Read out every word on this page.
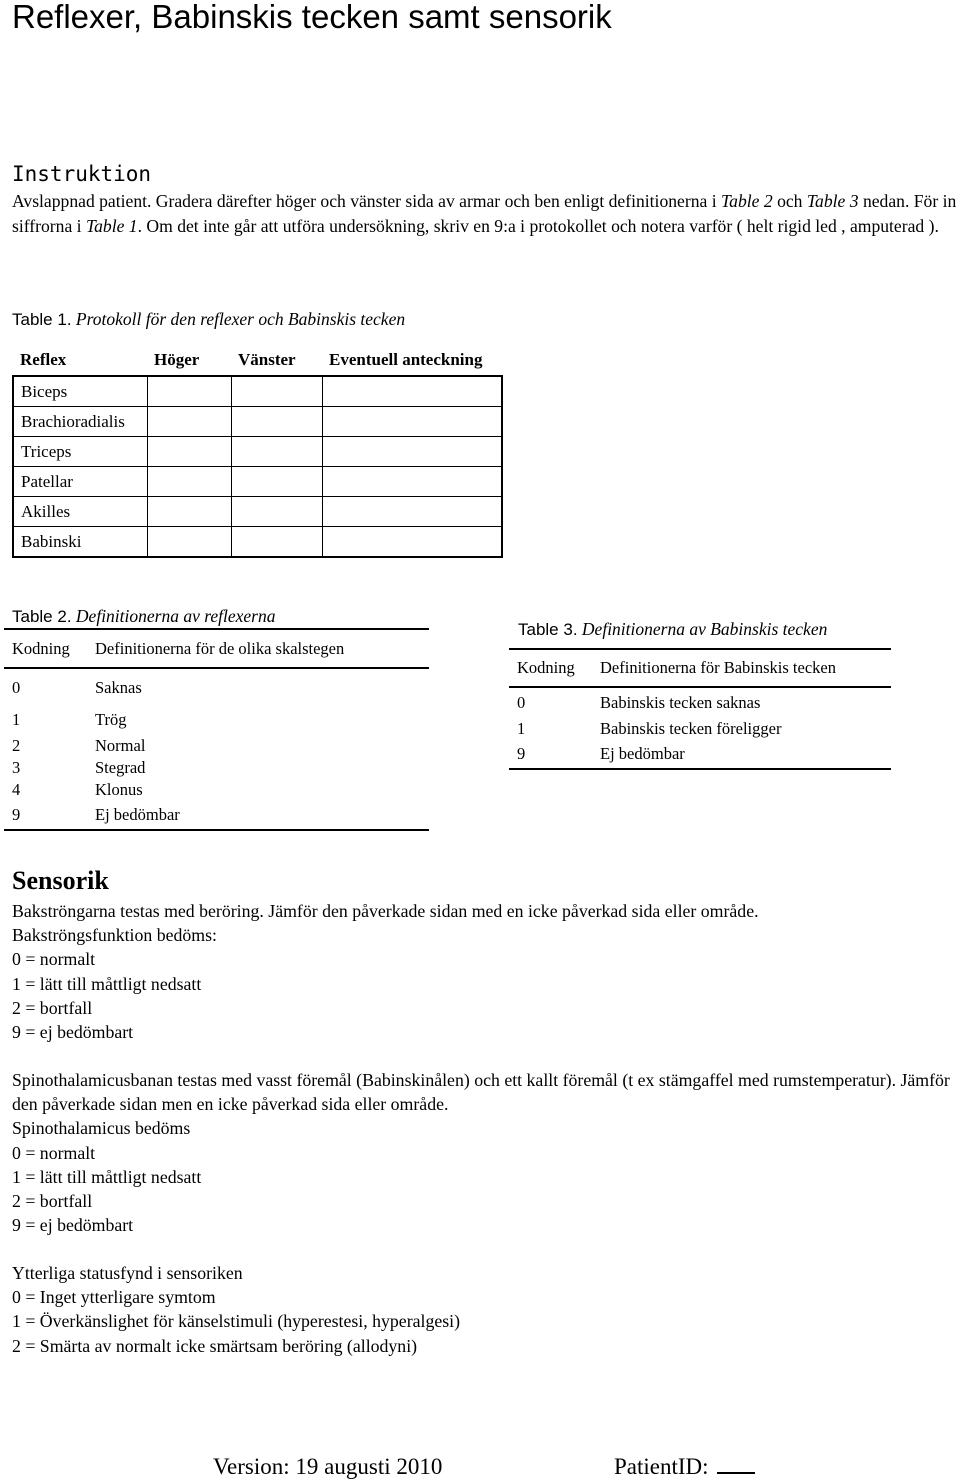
Reflexer, Babinskis tecken samt sensorik
Instruktion

Avslappnad patient. Gradera därefter höger och vänster sida av armar och ben enligt definitionerna i Table 2 och Table 3 nedan. För in siffrorna i Table 1. Om det inte går att utföra undersökning, skriv en 9:a i protokollet och notera varför ( helt rigid led , amputerad ).

Table 1. Protokoll för den reflexer och Babinskis tecken
Reflex	Höger	Vänster	Eventuell anteckning
Biceps			
Brachioradialis			
Triceps			
Patellar			
Akilles			
Babinski			
Table 2. Definitionerna av reflexerna
Kodning	Definitionerna för de olika skalstegen
0	Saknas
1	Trög
2	Normal
3	Stegrad
4	Klonus
9	Ej bedömbar
Table 3. Definitionerna av Babinskis tecken
Kodning	Definitionerna för Babinskis tecken
0	Babinskis tecken saknas
1	Babinskis tecken föreligger
9	Ej bedömbar
Sensorik
Bakströngarna testas med beröring. Jämför den påverkade sidan med en icke påverkad sida eller område.
Bakströngsfunktion bedöms:
0 = normalt
1 = lätt till måttligt nedsatt
2 = bortfall
9 = ej bedömbart
Spinothalamicusbanan testas med vasst föremål (Babinskinålen) och ett kallt föremål (t ex stämgaffel med rumstemperatur). Jämför den påverkade sidan men en icke påverkad sida eller område.
Spinothalamicus bedöms
0 = normalt
1 = lätt till måttligt nedsatt
2 = bortfall
9 = ej bedömbart
Ytterliga statusfynd i sensoriken
0 = Inget ytterligare symtom
1 = Överkänslighet för känselstimuli (hyperestesi, hyperalgesi)
2 = Smärta av normalt icke smärtsam beröring (allodyni)
Version: 19 augusti 2010	PatientID:
